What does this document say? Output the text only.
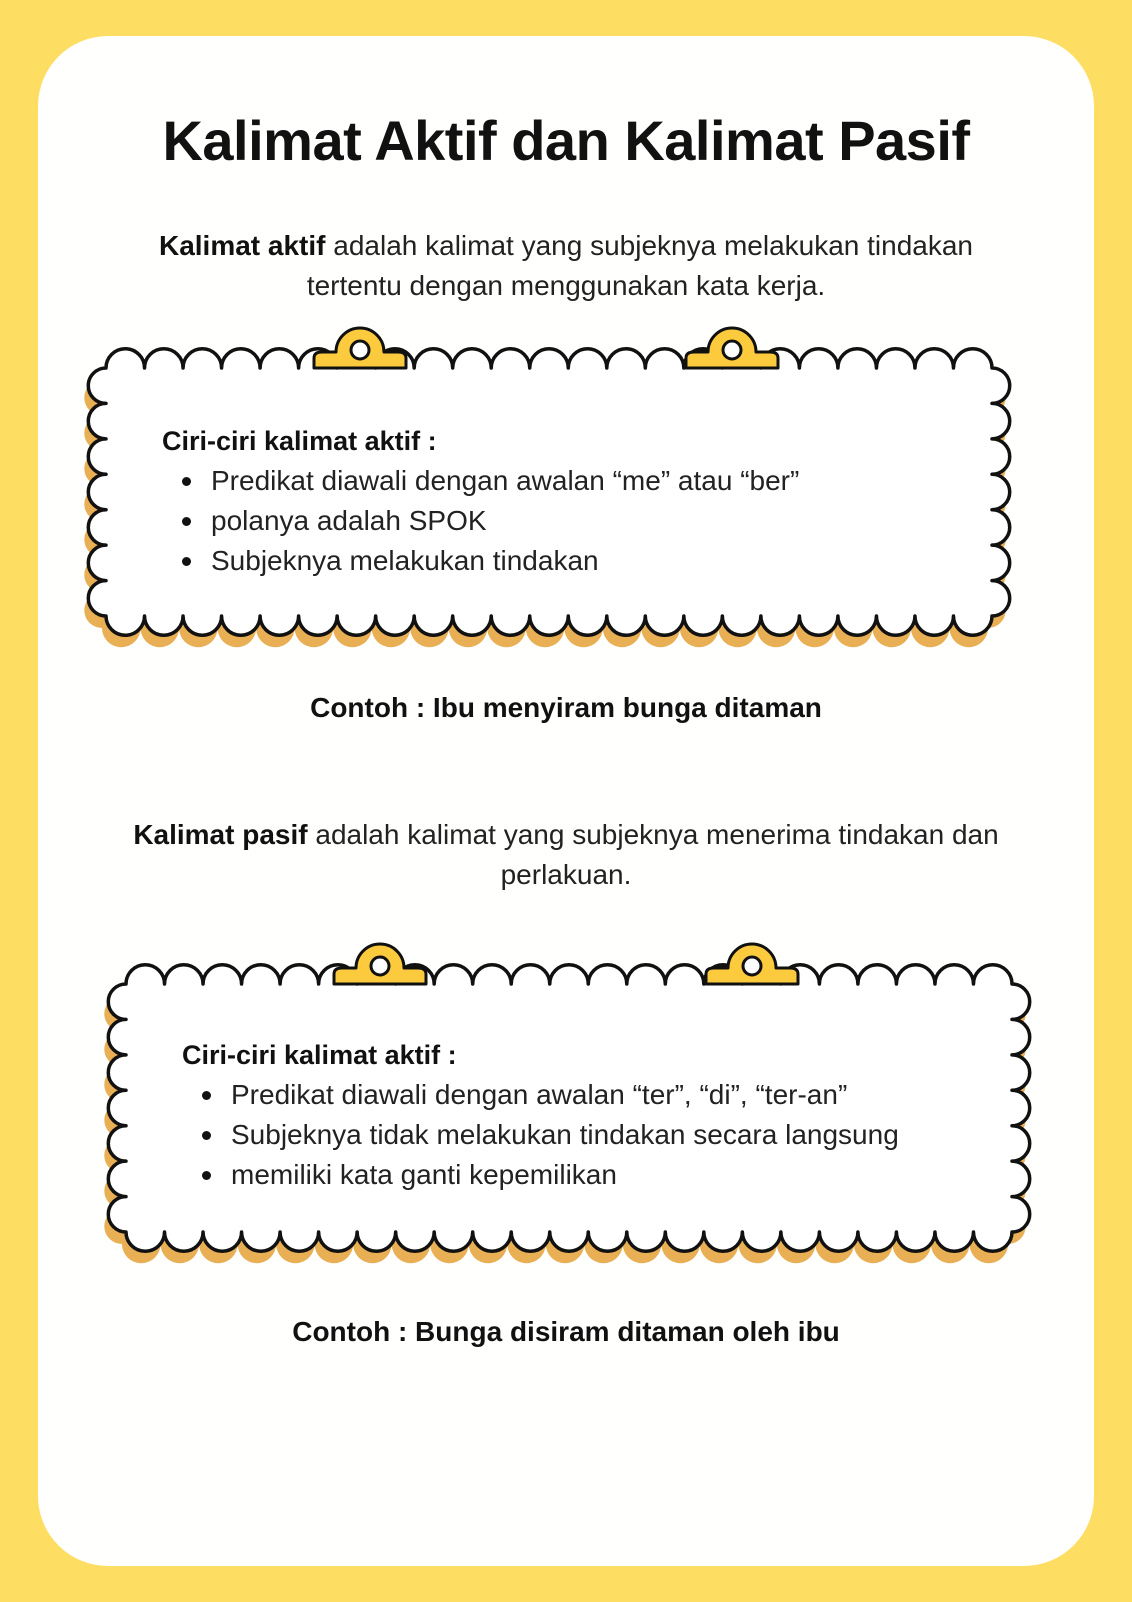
Kalimat Aktif dan Kalimat Pasif

Kalimat aktif adalah kalimat yang subjeknya melakukan tindakan tertentu dengan menggunakan kata kerja.

Ciri-ciri kalimat aktif :

Predikat diawali dengan awalan “me” atau “ber”
polanya adalah SPOK
Subjeknya melakukan tindakan

Contoh : Ibu menyiram bunga ditaman

Kalimat pasif adalah kalimat yang subjeknya menerima tindakan dan perlakuan.

Ciri-ciri kalimat aktif :

Predikat diawali dengan awalan “ter”, “di”, “ter-an”
Subjeknya tidak melakukan tindakan secara langsung
memiliki kata ganti kepemilikan

Contoh : Bunga disiram ditaman oleh ibu
